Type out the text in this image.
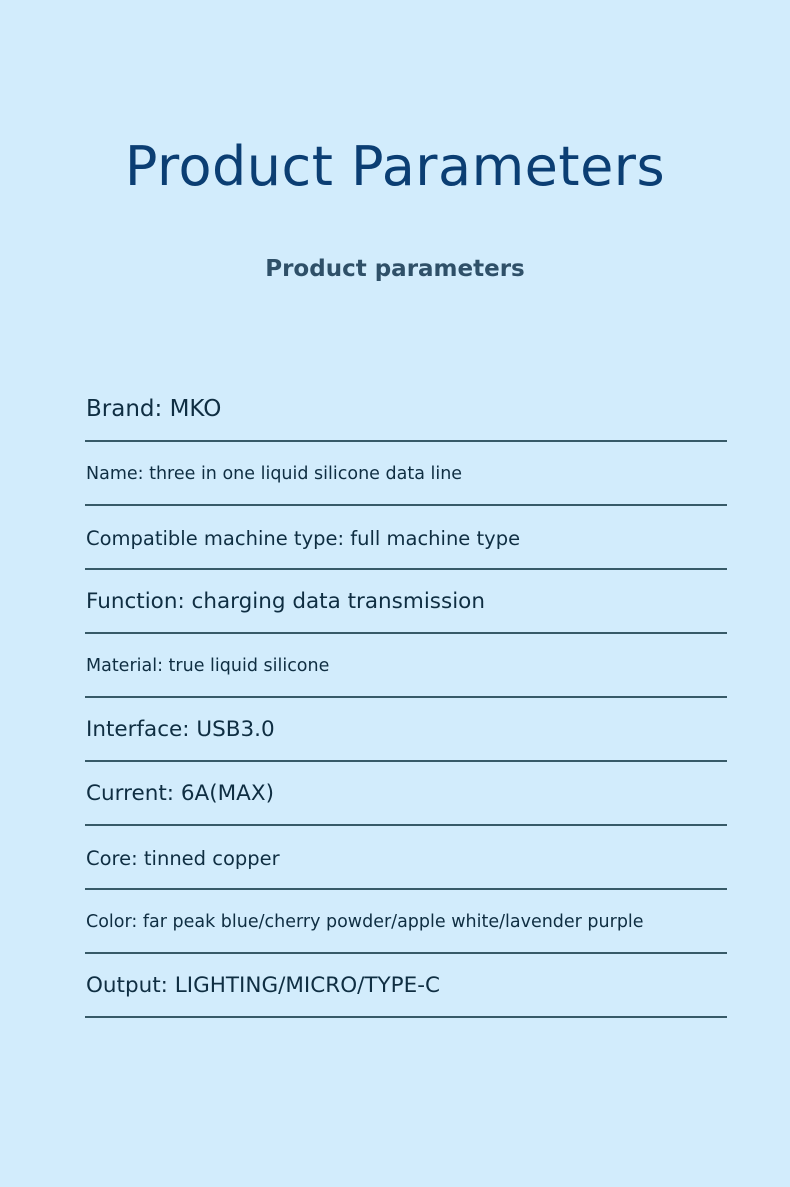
Product Parameters
Product parameters
Brand: MKO
Name: three in one liquid silicone data line
Compatible machine type: full machine type
Function: charging data transmission
Material: true liquid silicone
Interface: USB3.0
Current: 6A(MAX)
Core: tinned copper
Color: far peak blue/cherry powder/apple white/lavender purple
Output: LIGHTING/MICRO/TYPE-C
